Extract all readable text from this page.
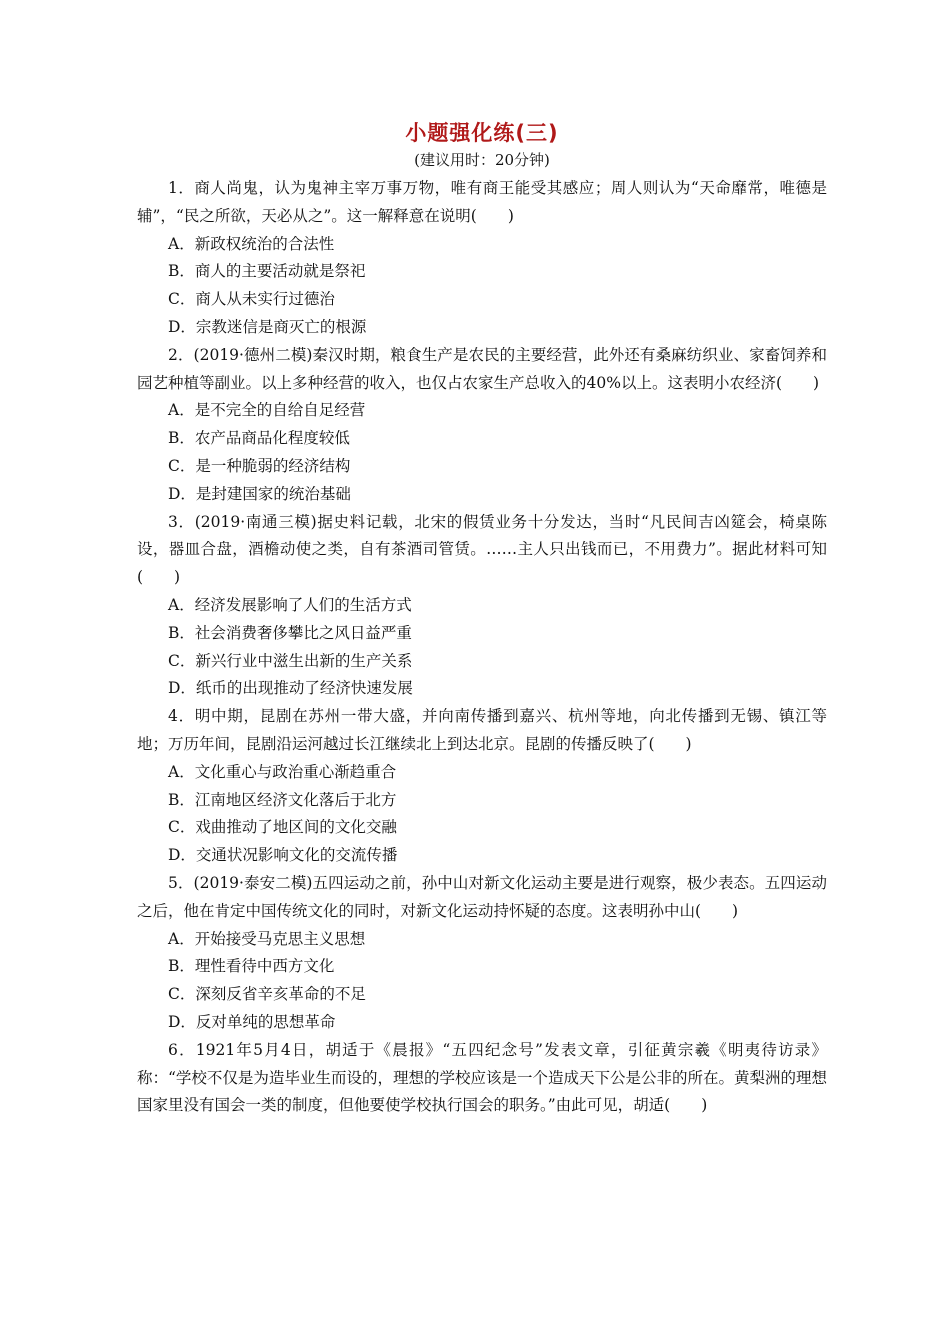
小题强化练(三)

(建议用时：20分钟)

1．商人尚鬼，认为鬼神主宰万事万物，唯有商王能受其感应；周人则认为“天命靡常，唯德是辅”，“民之所欲，天必从之”。这一解释意在说明(　　)

A．新政权统治的合法性
B．商人的主要活动就是祭祀
C．商人从未实行过德治
D．宗教迷信是商灭亡的根源

2．(2019·德州二模)秦汉时期，粮食生产是农民的主要经营，此外还有桑麻纺织业、家畜饲养和园艺种植等副业。以上多种经营的收入，也仅占农家生产总收入的40%以上。这表明小农经济(　　)

A．是不完全的自给自足经营
B．农产品商品化程度较低
C．是一种脆弱的经济结构
D．是封建国家的统治基础

3．(2019·南通三模)据史料记载，北宋的假赁业务十分发达，当时“凡民间吉凶筵会，椅桌陈设，器皿合盘，酒檐动使之类，自有茶酒司管赁。……主人只出钱而已，不用费力”。据此材料可知(　　)

A．经济发展影响了人们的生活方式
B．社会消费奢侈攀比之风日益严重
C．新兴行业中滋生出新的生产关系
D．纸币的出现推动了经济快速发展

4．明中期，昆剧在苏州一带大盛，并向南传播到嘉兴、杭州等地，向北传播到无锡、镇江等地；万历年间，昆剧沿运河越过长江继续北上到达北京。昆剧的传播反映了(　　)

A．文化重心与政治重心渐趋重合
B．江南地区经济文化落后于北方
C．戏曲推动了地区间的文化交融
D．交通状况影响文化的交流传播

5．(2019·泰安二模)五四运动之前，孙中山对新文化运动主要是进行观察，极少表态。五四运动之后，他在肯定中国传统文化的同时，对新文化运动持怀疑的态度。这表明孙中山(　　)

A．开始接受马克思主义思想
B．理性看待中西方文化
C．深刻反省辛亥革命的不足
D．反对单纯的思想革命

6．1921年5月4日，胡适于《晨报》“五四纪念号”发表文章，引征黄宗羲《明夷待访录》称：“学校不仅是为造毕业生而设的，理想的学校应该是一个造成天下公是公非的所在。黄梨洲的理想国家里没有国会一类的制度，但他要使学校执行国会的职务。”由此可见，胡适(　　)
